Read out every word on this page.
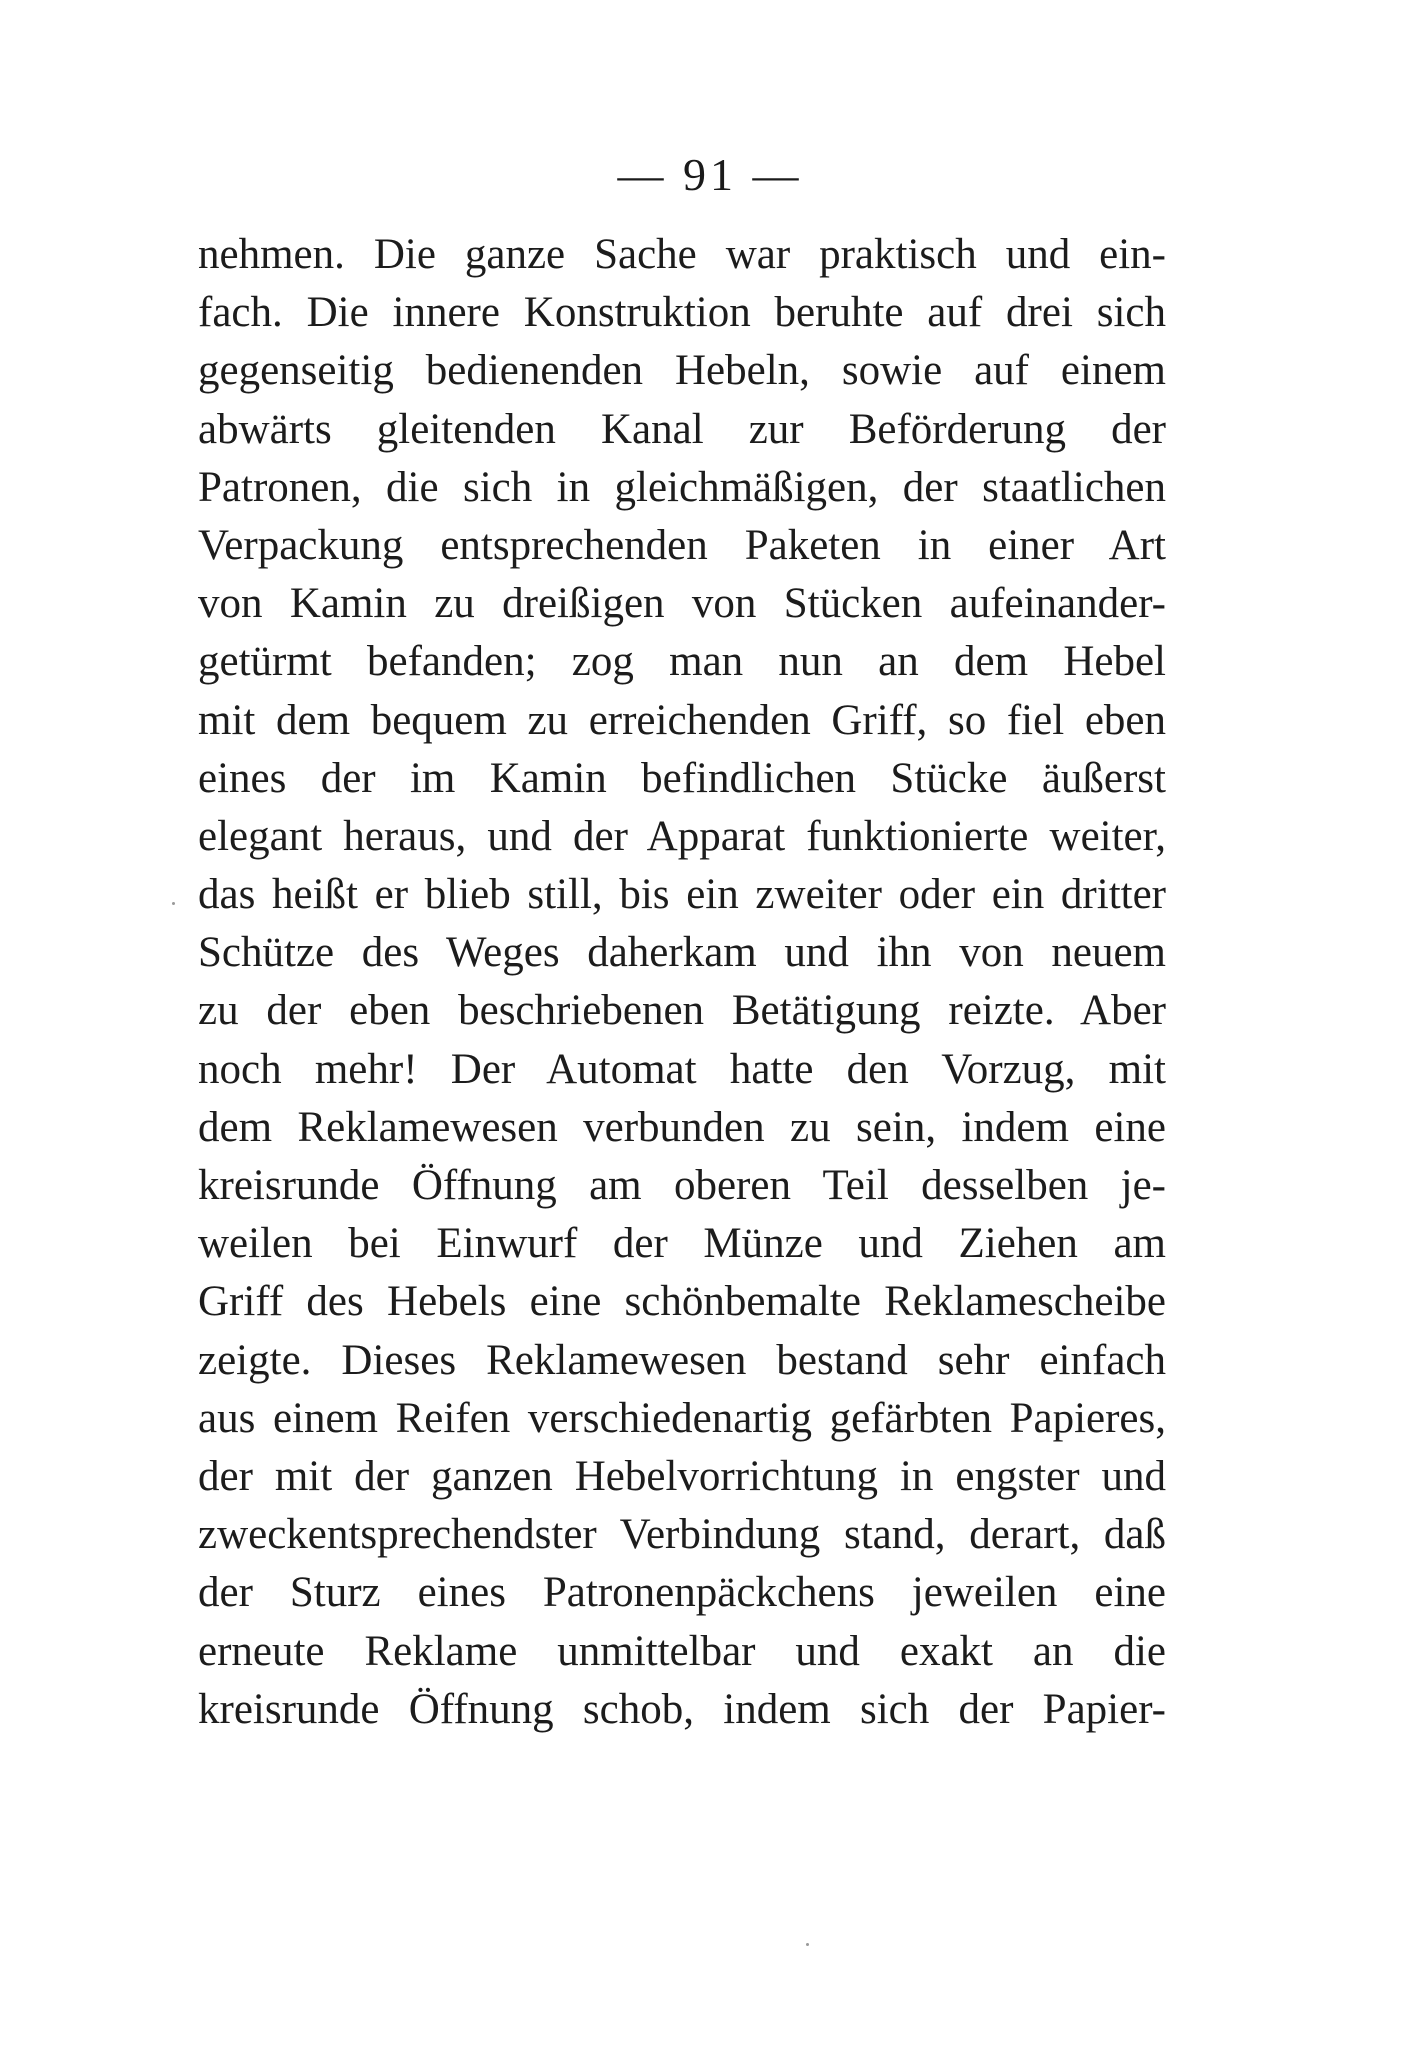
— 91 —
nehmen. Die ganze Sache war praktisch und ein-
fach. Die innere Konstruktion beruhte auf drei sich
gegenseitig bedienenden Hebeln, sowie auf einem
abwärts gleitenden Kanal zur Beförderung der
Patronen, die sich in gleichmäßigen, der staatlichen
Verpackung entsprechenden Paketen in einer Art
von Kamin zu dreißigen von Stücken aufeinander-
getürmt befanden; zog man nun an dem Hebel
mit dem bequem zu erreichenden Griff, so fiel eben
eines der im Kamin befindlichen Stücke äußerst
elegant heraus, und der Apparat funktionierte weiter,
das heißt er blieb still, bis ein zweiter oder ein dritter
Schütze des Weges daherkam und ihn von neuem
zu der eben beschriebenen Betätigung reizte. Aber
noch mehr! Der Automat hatte den Vorzug, mit
dem Reklamewesen verbunden zu sein, indem eine
kreisrunde Öffnung am oberen Teil desselben je-
weilen bei Einwurf der Münze und Ziehen am
Griff des Hebels eine schönbemalte Reklamescheibe
zeigte. Dieses Reklamewesen bestand sehr einfach
aus einem Reifen verschiedenartig gefärbten Papieres,
der mit der ganzen Hebelvorrichtung in engster und
zweckentsprechendster Verbindung stand, derart, daß
der Sturz eines Patronenpäckchens jeweilen eine
erneute Reklame unmittelbar und exakt an die
kreisrunde Öffnung schob, indem sich der Papier-
